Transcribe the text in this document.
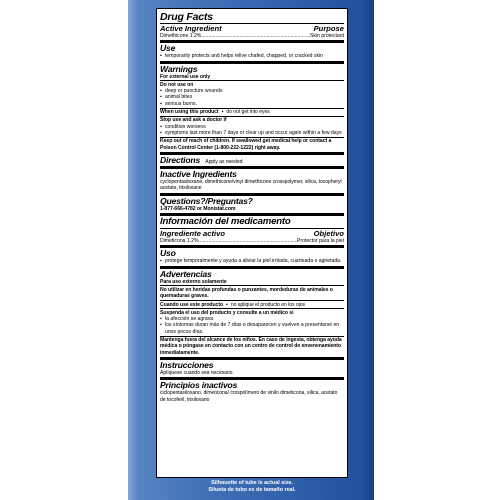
Drug Facts
Active Ingredient	Purpose
Dimethicone 1.2% .....	Skin protectant
Use
▪ temporarily protects and helps relive chafed, chapped, or cracked skin
Warnings
For external use only
Do not use on
▪ deep or puncture wounds
▪ animal bites
▪ serious burns.
When using this product ▪ do not get into eyes
Stop use and ask a doctor if
▪ condition worsens
▪ symptoms last more than 7 days or clear up and occur again within a few days
Keep out of reach of children. If swallowed get medical help or contact a Poison Control Center (1-800-222-1222) right away.
Directions Apply as needed
Inactive Ingredients
cyclopentasiloxane, dimethicone/vinyl dimethicone crosspolymer, silica, tocopheryl acetate, trisiloxane
Questions?/Preguntas?
1-877-666-4782 or Monistat.com
Información del medicamento
Ingrediente activo	Objetivo
Dimeticona 1.2% .....	Protector para la piel
Uso
▪ protege temporalmente y ayuda a aliviar la piel irritada, cuarteada o agrietada.
Advertencias
Para uso externo solamente
No utilizar en heridas profundas o punzantes, mordeduras de animales o quemaduras graves.
Cuando use este producto ▪ no aplique el producto en los ojos
Suspenda el uso del producto y consulte a un médico si
▪ la afección se agrava
▪ los síntomas duran más de 7 días o desaparecen y vuelven a presentarse en unos pocos días.
Mantenga fuera del alcance de los niños. En caso de ingesta, obtenga ayuda médica o póngase en contacto con un centro de control de envenenamiento inmediatamente.
Instrucciones
Aplíquese cuando sea necesario.
Principios inactivos
ciclopentasiloxano, dimeticona/ crospolímero de vinilo dimeticona, sílica, acetato de tocoferil, trisiloxano
Silhouette of tube is actual size.
Silueta de tubo es de tamaño real.
